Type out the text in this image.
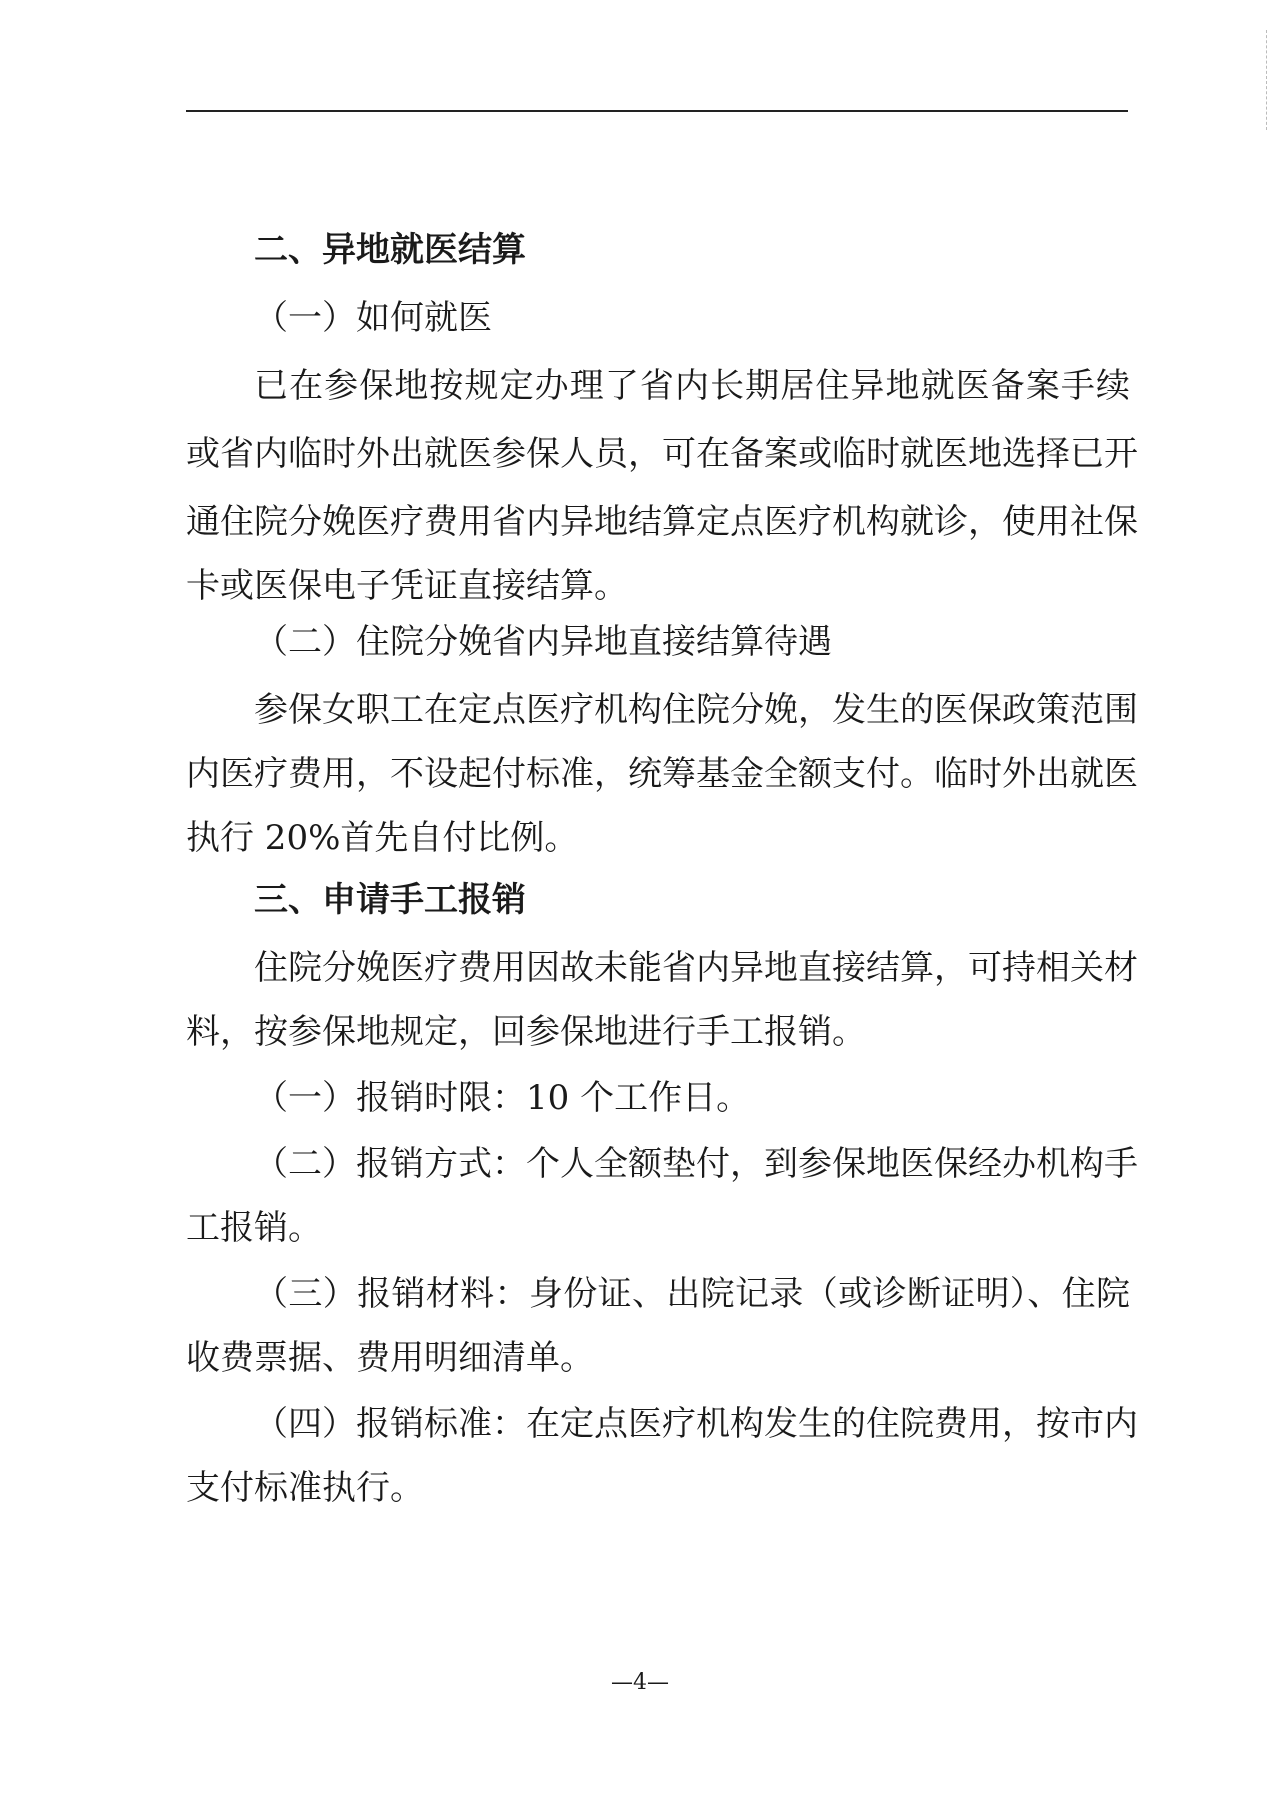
二、异地就医结算
（一）如何就医
已在参保地按规定办理了省内长期居住异地就医备案手续
或省内临时外出就医参保人员，可在备案或临时就医地选择已开
通住院分娩医疗费用省内异地结算定点医疗机构就诊，使用社保
卡或医保电子凭证直接结算。
（二）住院分娩省内异地直接结算待遇
参保女职工在定点医疗机构住院分娩，发生的医保政策范围
内医疗费用，不设起付标准，统筹基金全额支付。临时外出就医
执行 20%首先自付比例。
三、申请手工报销
住院分娩医疗费用因故未能省内异地直接结算，可持相关材
料，按参保地规定，回参保地进行手工报销。
（一）报销时限：10 个工作日。
（二）报销方式：个人全额垫付，到参保地医保经办机构手
工报销。
（三）报销材料：身份证、出院记录（或诊断证明）、住院
收费票据、费用明细清单。
（四）报销标准：在定点医疗机构发生的住院费用，按市内
支付标准执行。
—4—
